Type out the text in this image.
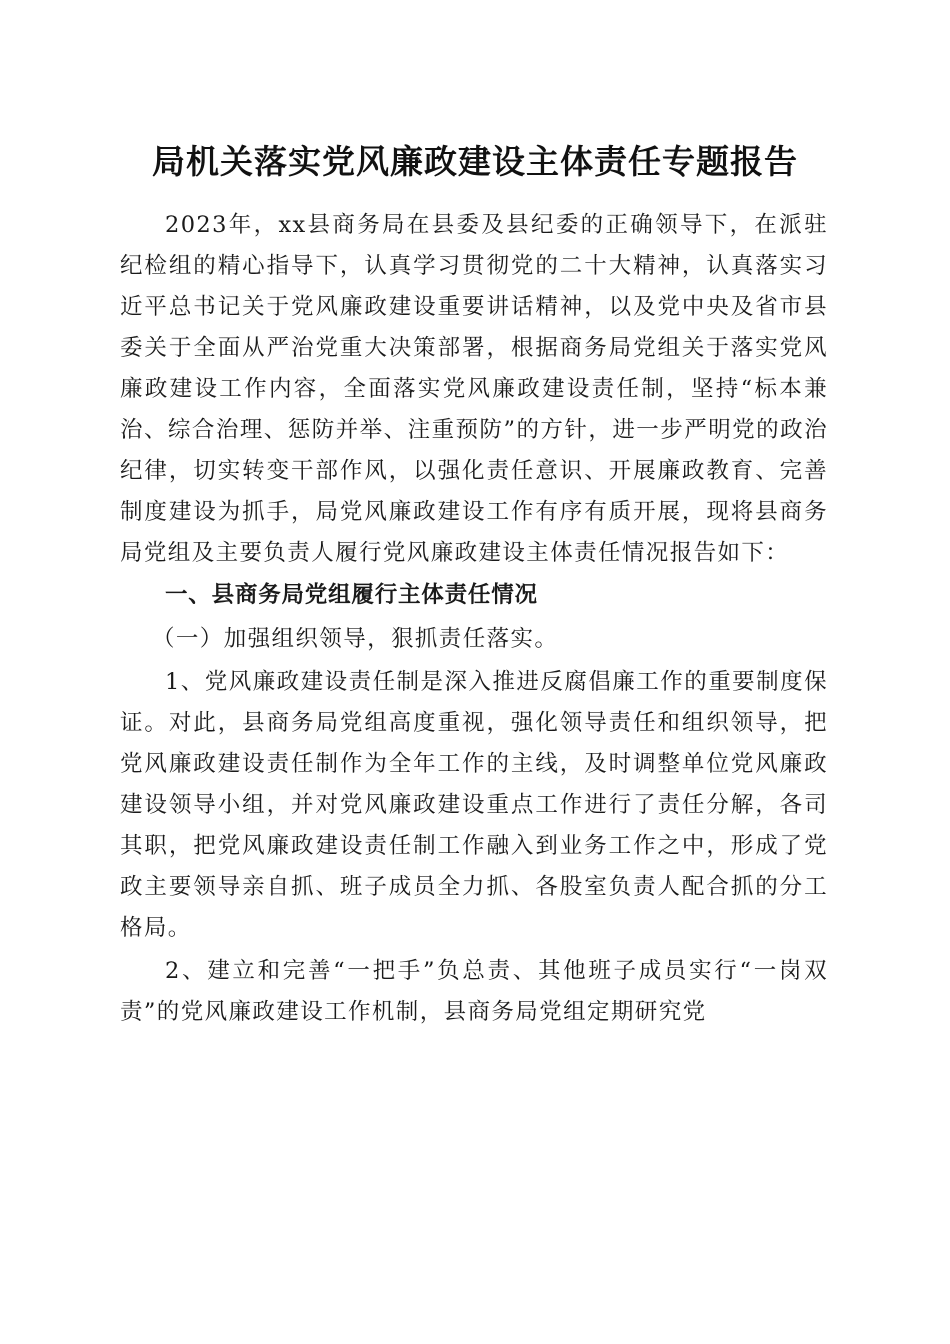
局机关落实党风廉政建设主体责任专题报告

2023年，xx县商务局在县委及县纪委的正确领导下，在派驻纪检组的精心指导下，认真学习贯彻党的二十大精神，认真落实习近平总书记关于党风廉政建设重要讲话精神，以及党中央及省市县委关于全面从严治党重大决策部署，根据商务局党组关于落实党风廉政建设工作内容，全面落实党风廉政建设责任制，坚持“标本兼治、综合治理、惩防并举、注重预防”的方针，进一步严明党的政治纪律，切实转变干部作风，以强化责任意识、开展廉政教育、完善制度建设为抓手，局党风廉政建设工作有序有质开展，现将县商务局党组及主要负责人履行党风廉政建设主体责任情况报告如下：

一、县商务局党组履行主体责任情况

（一）加强组织领导，狠抓责任落实。

1、党风廉政建设责任制是深入推进反腐倡廉工作的重要制度保证。对此，县商务局党组高度重视，强化领导责任和组织领导，把党风廉政建设责任制作为全年工作的主线，及时调整单位党风廉政建设领导小组，并对党风廉政建设重点工作进行了责任分解，各司其职，把党风廉政建设责任制工作融入到业务工作之中，形成了党政主要领导亲自抓、班子成员全力抓、各股室负责人配合抓的分工格局。

2、建立和完善“一把手”负总责、其他班子成员实行“一岗双责”的党风廉政建设工作机制，县商务局党组定期研究党
